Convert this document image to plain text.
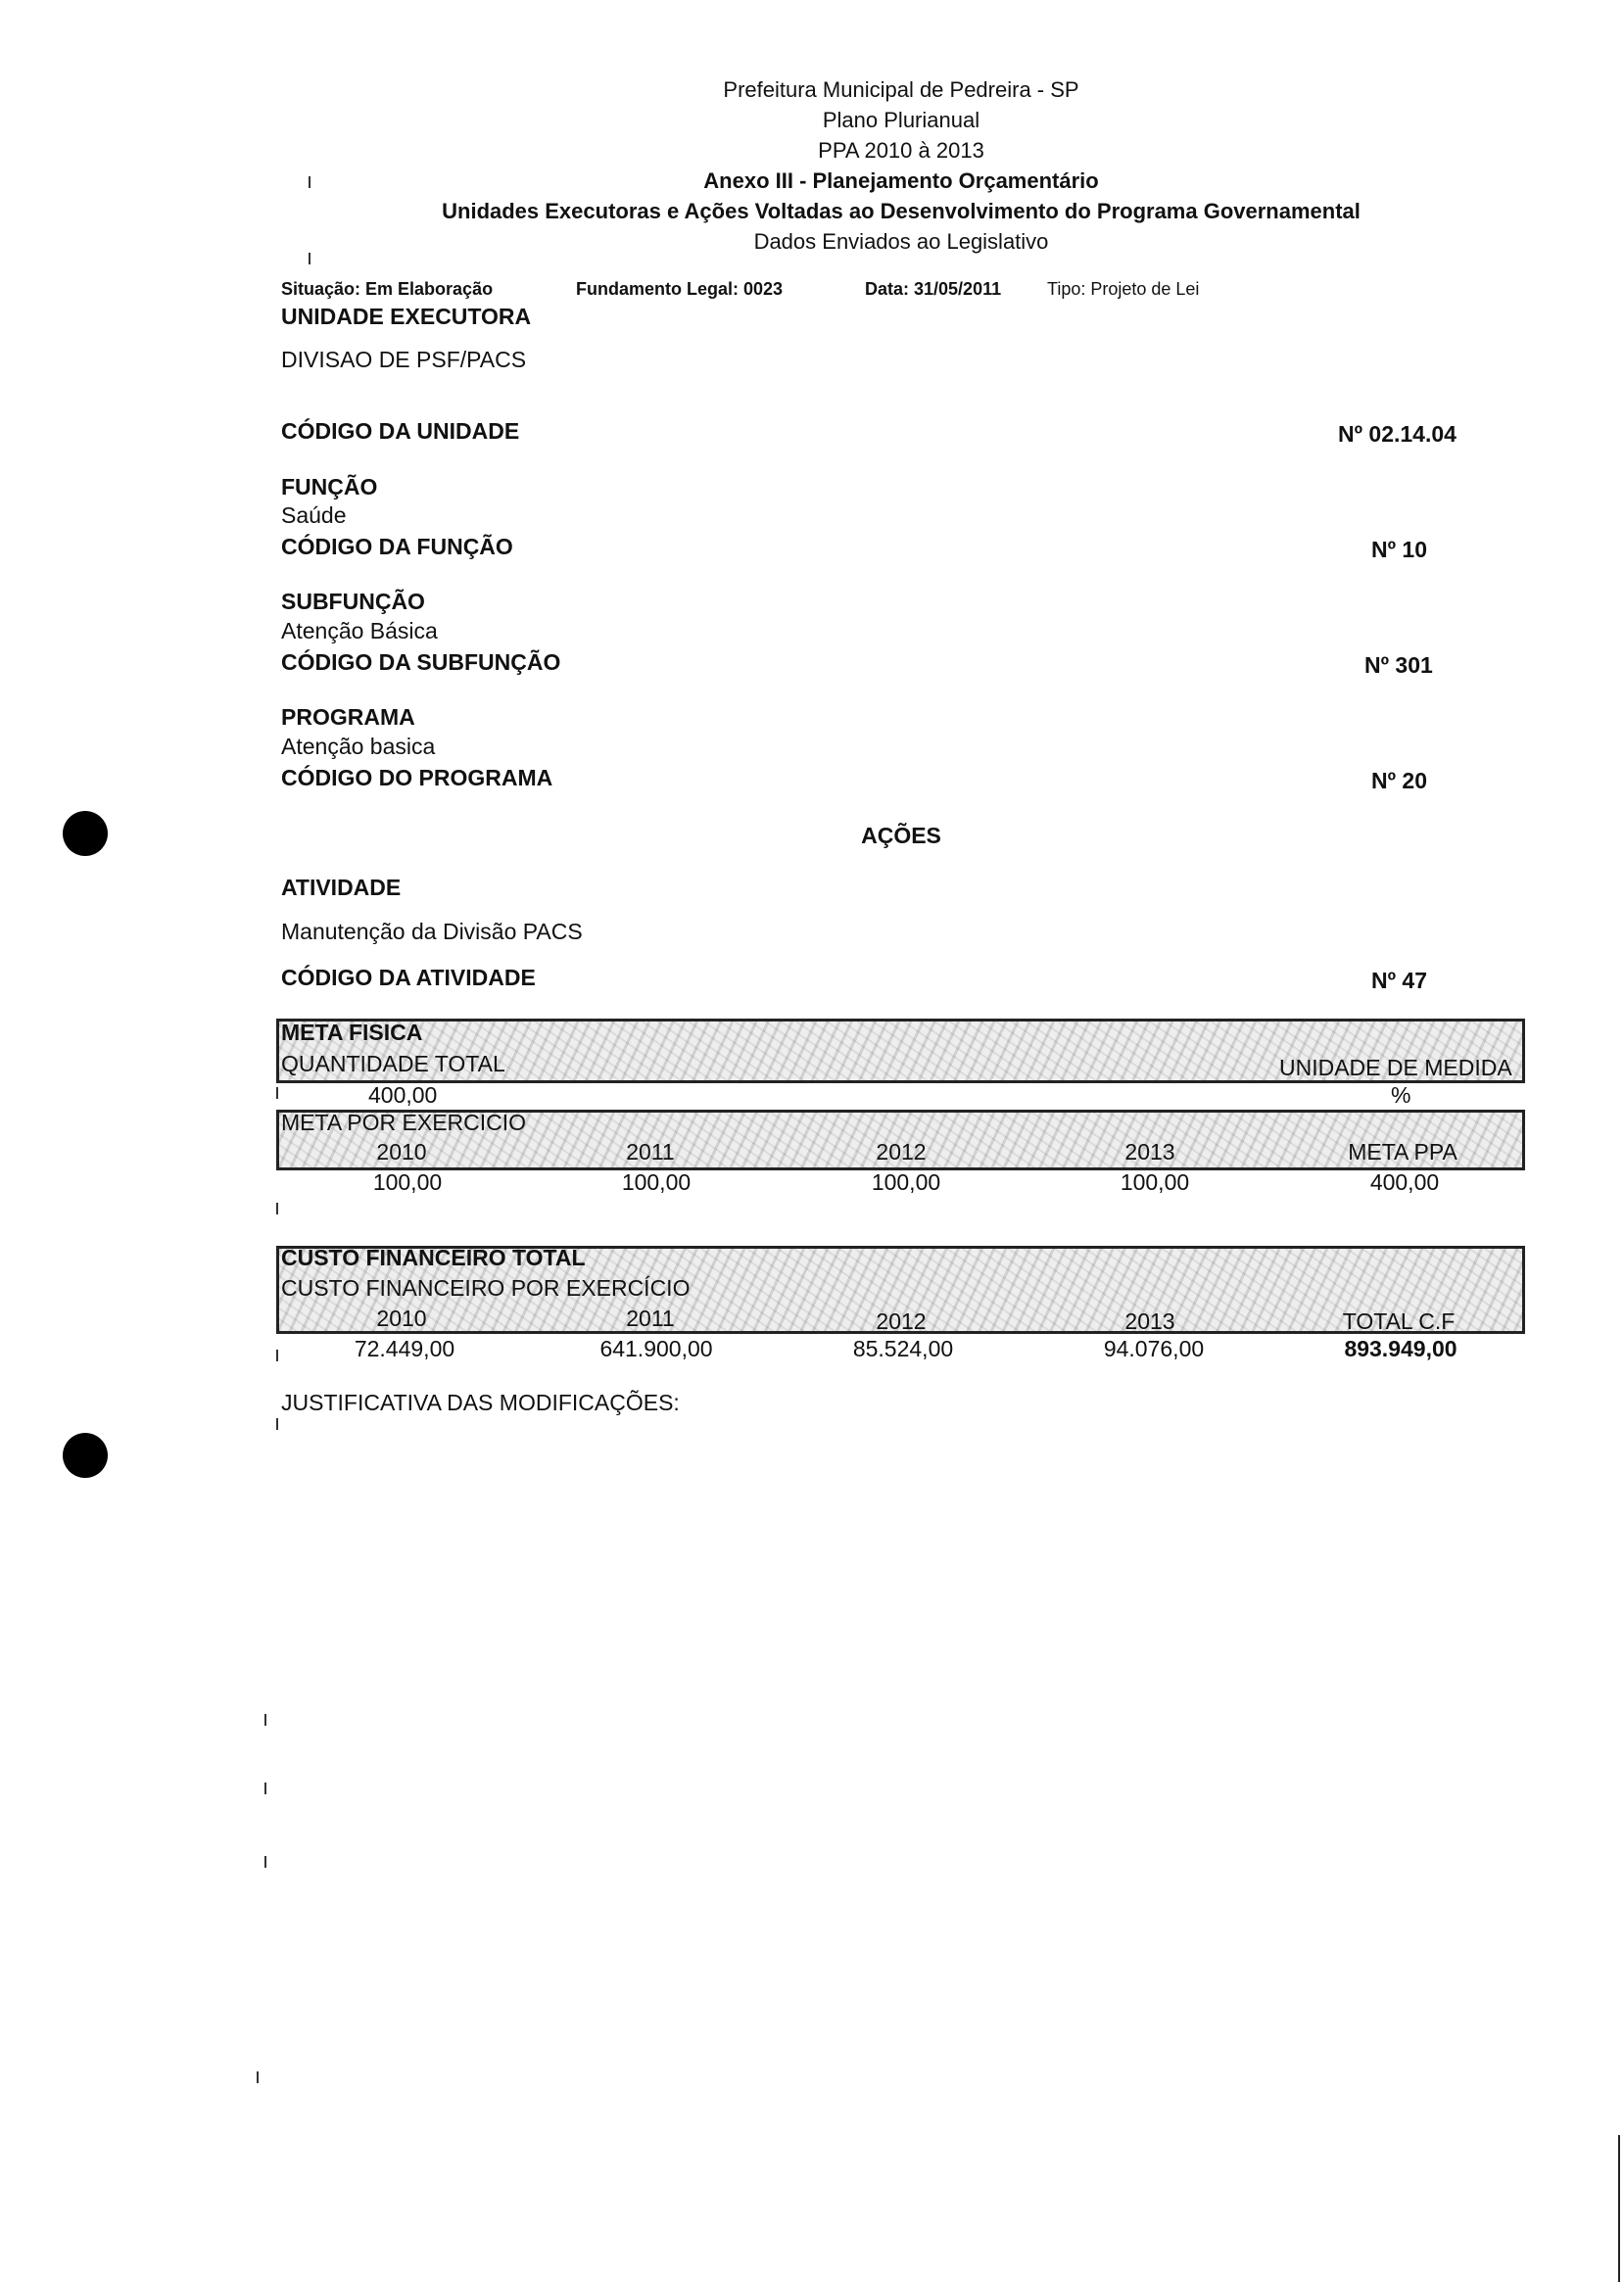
Prefeitura Municipal de Pedreira - SP
Plano Plurianual
PPA 2010 à 2013
Anexo III - Planejamento Orçamentário
Unidades Executoras e Ações Voltadas ao Desenvolvimento do Programa Governamental
Dados Enviados ao Legislativo
Situação: Em Elaboração	Fundamento Legal: 0023	Data: 31/05/2011	Tipo: Projeto de Lei
UNIDADE EXECUTORA
DIVISAO DE PSF/PACS
CÓDIGO DA UNIDADE	Nº 02.14.04
FUNÇÃO
Saúde
CÓDIGO DA FUNÇÃO	Nº 10
SUBFUNÇÃO
Atenção Básica
CÓDIGO DA SUBFUNÇÃO	Nº 301
PROGRAMA
Atenção basica
CÓDIGO DO PROGRAMA	Nº 20
AÇÕES
ATIVIDADE
Manutenção da Divisão PACS
CÓDIGO DA ATIVIDADE	Nº 47
META FISICA
QUANTIDADE TOTAL	UNIDADE DE MEDIDA
400,00	%
META POR EXERCICIO
2010	2011	2012	2013	META PPA
100,00	100,00	100,00	100,00	400,00
CUSTO FINANCEIRO TOTAL
CUSTO FINANCEIRO POR EXERCÍCIO
2010	2011	2012	2013	TOTAL C.F
72.449,00	641.900,00	85.524,00	94.076,00	893.949,00
JUSTIFICATIVA DAS MODIFICAÇÕES:
